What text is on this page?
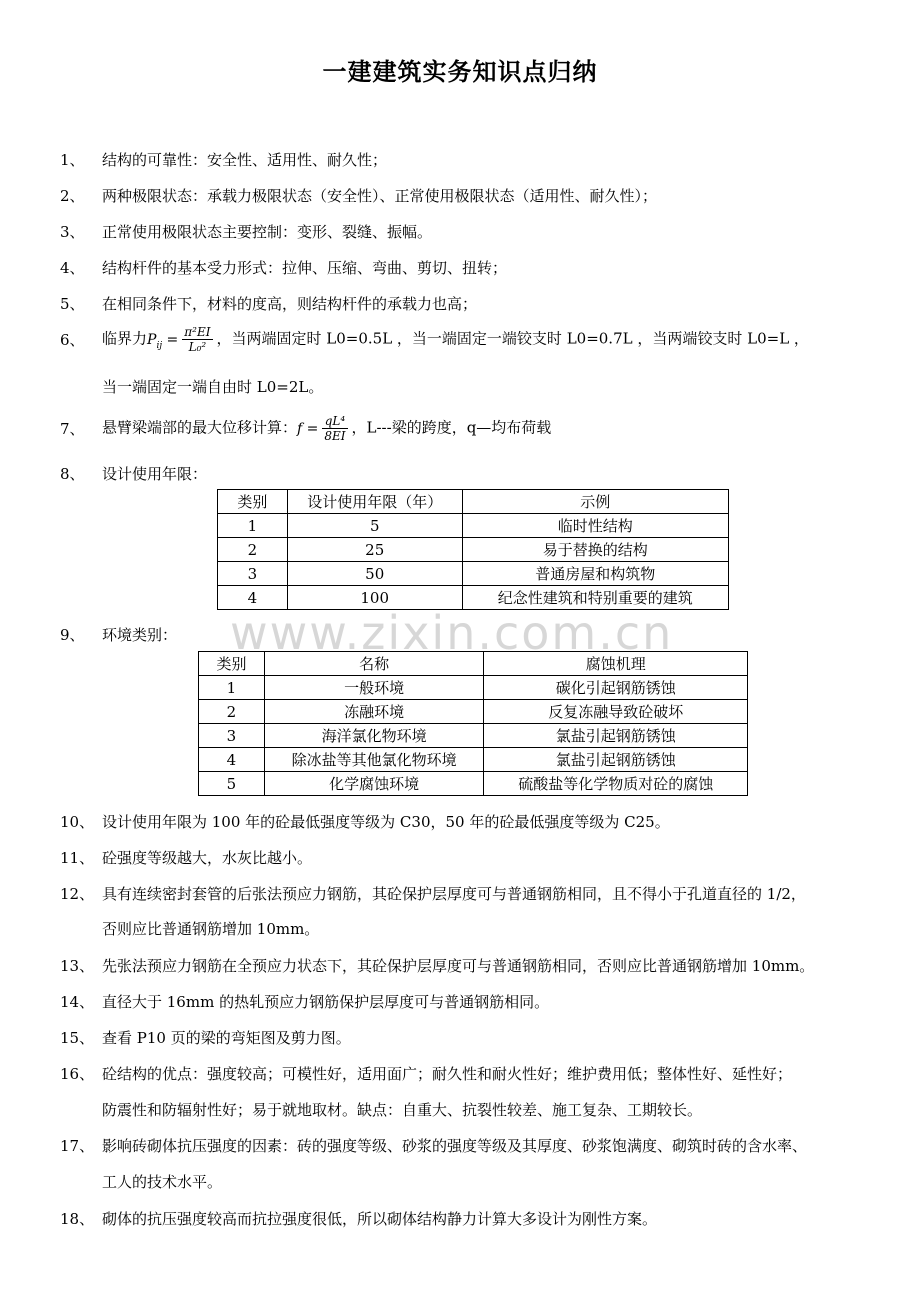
一建建筑实务知识点归纳
www.zixin.com.cn
1、 结构的可靠性：安全性、适用性、耐久性；
2、 两种极限状态：承载力极限状态（安全性）、正常使用极限状态（适用性、耐久性）；
3、 正常使用极限状态主要控制：变形、裂缝、振幅。
4、 结构杆件的基本受力形式：拉伸、压缩、弯曲、剪切、扭转；
5、 在相同条件下，材料的度高，则结构杆件的承载力也高；
6、 临界力$P_{ij} = \frac{\text{π²EI}}{\text{L₀²}}$ ，当两端固定时 L0=0.5L ，当一端固定一端铰支时 L0=0.7L ，当两端铰支时 L0=L ，
当一端固定一端自由时 L0=2L。
7、 悬臂梁端部的最大位移计算：$f = \frac{\text{qL⁴}}{8EI}$ ，L---梁的跨度，q—均布荷载
8、 设计使用年限：
类别	设计使用年限（年）	示例
1	5	临时性结构
2	25	易于替换的结构
3	50	普通房屋和构筑物
4	100	纪念性建筑和特别重要的建筑
9、 环境类别：
类别	名称	腐蚀机理
1	一般环境	碳化引起钢筋锈蚀
2	冻融环境	反复冻融导致砼破坏
3	海洋氯化物环境	氯盐引起钢筋锈蚀
4	除冰盐等其他氯化物环境	氯盐引起钢筋锈蚀
5	化学腐蚀环境	硫酸盐等化学物质对砼的腐蚀
10、 设计使用年限为 100 年的砼最低强度等级为 C30，50 年的砼最低强度等级为 C25。
11、 砼强度等级越大，水灰比越小。
12、 具有连续密封套管的后张法预应力钢筋，其砼保护层厚度可与普通钢筋相同，且不得小于孔道直径的 1/2，
否则应比普通钢筋增加 10mm。
13、 先张法预应力钢筋在全预应力状态下，其砼保护层厚度可与普通钢筋相同，否则应比普通钢筋增加 10mm。
14、 直径大于 16mm 的热轧预应力钢筋保护层厚度可与普通钢筋相同。
15、 查看 P10 页的梁的弯矩图及剪力图。
16、 砼结构的优点：强度较高；可模性好，适用面广；耐久性和耐火性好；维护费用低；整体性好、延性好；
防震性和防辐射性好；易于就地取材。缺点：自重大、抗裂性较差、施工复杂、工期较长。
17、 影响砖砌体抗压强度的因素：砖的强度等级、砂浆的强度等级及其厚度、砂浆饱满度、砌筑时砖的含水率、
工人的技术水平。
18、 砌体的抗压强度较高而抗拉强度很低，所以砌体结构静力计算大多设计为刚性方案。
